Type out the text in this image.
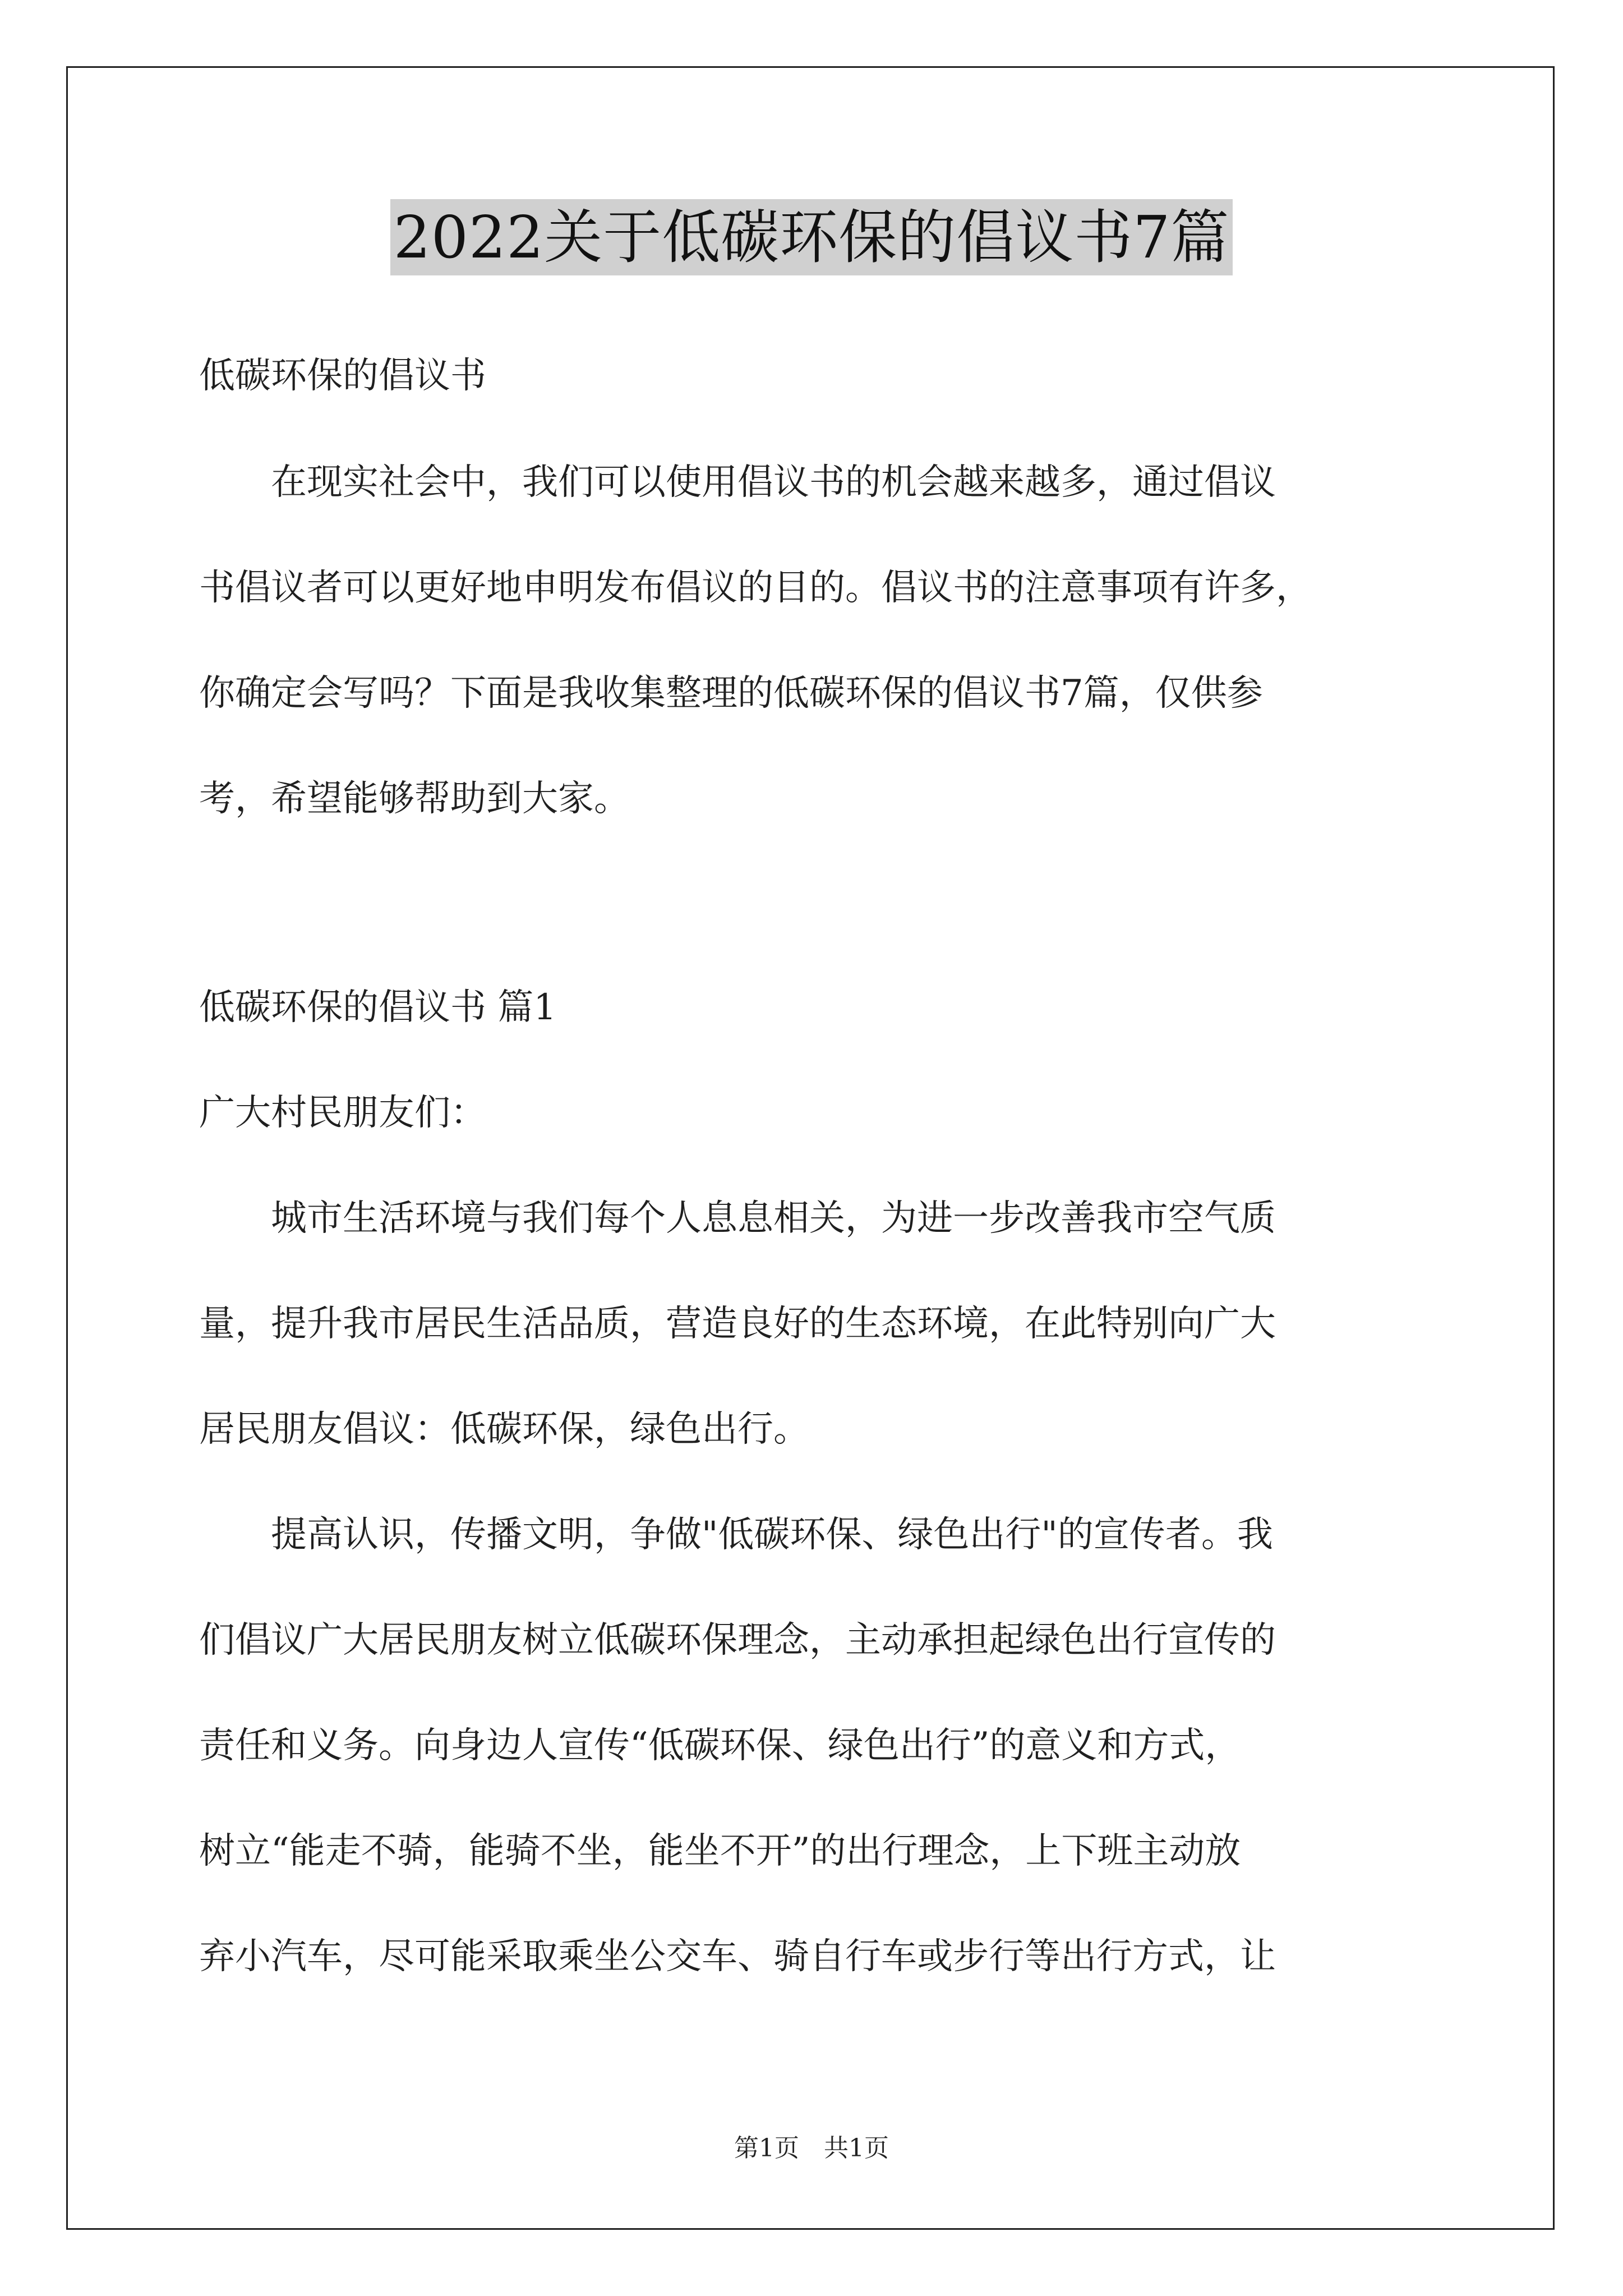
2022关于低碳环保的倡议书7篇
低碳环保的倡议书
　　在现实社会中，我们可以使用倡议书的机会越来越多，通过倡议
书倡议者可以更好地申明发布倡议的目的。倡议书的注意事项有许多，
你确定会写吗？下面是我收集整理的低碳环保的倡议书7篇，仅供参
考，希望能够帮助到大家。
低碳环保的倡议书 篇1
广大村民朋友们：
　　城市生活环境与我们每个人息息相关，为进一步改善我市空气质
量，提升我市居民生活品质，营造良好的生态环境，在此特别向广大
居民朋友倡议：低碳环保，绿色出行。
　　提高认识，传播文明，争做"低碳环保、绿色出行"的宣传者。我
们倡议广大居民朋友树立低碳环保理念，主动承担起绿色出行宣传的
责任和义务。向身边人宣传“低碳环保、绿色出行”的意义和方式，
树立“能走不骑，能骑不坐，能坐不开”的出行理念，上下班主动放
弃小汽车，尽可能采取乘坐公交车、骑自行车或步行等出行方式，让
第1页　共1页
